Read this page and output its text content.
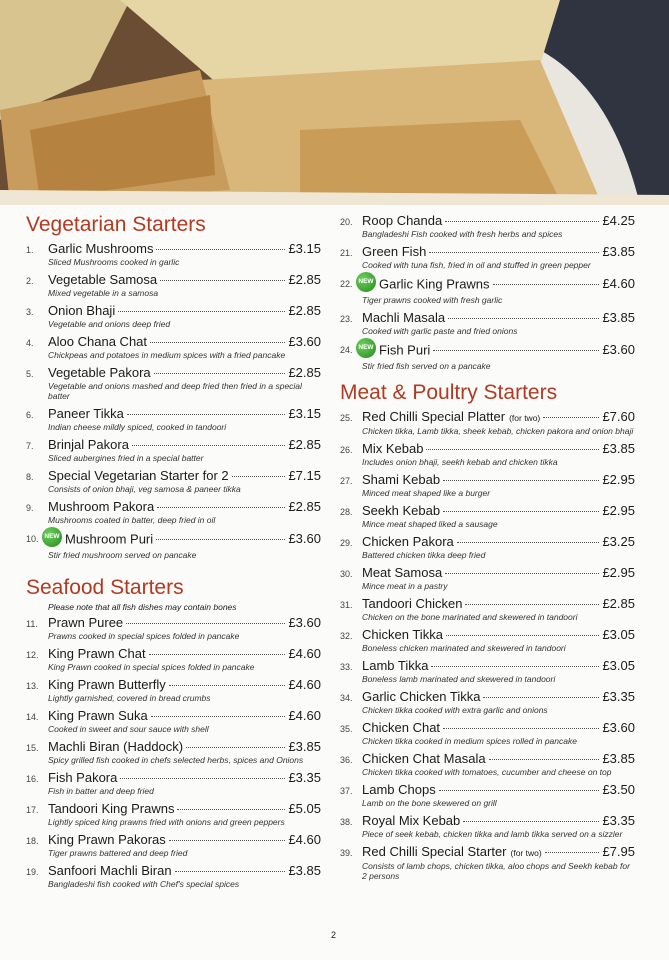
Vegetarian Starters
1. Garlic Mushrooms	£3.15
Sliced Mushrooms cooked in garlic
2. Vegetable Samosa	£2.85
Mixed vegetable in a samosa
3. Onion Bhaji	£2.85
Vegetable and onions deep fried
4. Aloo Chana Chat	£3.60
Chickpeas and potatoes in medium spices with a fried pancake
5. Vegetable Pakora	£2.85
Vegetable and onions mashed and deep fried then fried in a special batter
6. Paneer Tikka	£3.15
Indian cheese mildly spiced, cooked in tandoori
7. Brinjal Pakora	£2.85
Sliced aubergines fried in a special batter
8. Special Vegetarian Starter for 2	£7.15
Consists of onion bhaji, veg samosa & paneer tikka
9. Mushroom Pakora	£2.85
Mushrooms coated in batter, deep fried in oil
10. NEW Mushroom Puri	£3.60
Stir fried mushroom served on pancake
Seafood Starters
Please note that all fish dishes may contain bones
11. Prawn Puree	£3.60
Prawns cooked in special spices folded in pancake
12. King Prawn Chat	£4.60
King Prawn cooked in special spices folded in pancake
13. King Prawn Butterfly	£4.60
Lightly garnished, covered in bread crumbs
14. King Prawn Suka	£4.60
Cooked in sweet and sour sauce with shell
15. Machli Biran (Haddock)	£3.85
Spicy grilled fish cooked in chefs selected herbs, spices and Onions
16. Fish Pakora	£3.35
Fish in batter and deep fried
17. Tandoori King Prawns	£5.05
Lightly spiced king prawns fried with onions and green peppers
18. King Prawn Pakoras	£4.60
Tiger prawns battered and deep fried
19. Sanfoori Machli Biran	£3.85
Bangladeshi fish cooked with Chef's special spices
20. Roop Chanda	£4.25
Bangladeshi Fish cooked with fresh herbs and spices
21. Green Fish	£3.85
Cooked with tuna fish, fried in oil and stuffed in green pepper
22. NEW Garlic King Prawns	£4.60
Tiger prawns cooked with fresh garlic
23. Machli Masala	£3.85
Cooked with garlic paste and fried onions
24. NEW Fish Puri	£3.60
Stir fried fish served on a pancake
Meat & Poultry Starters
25. Red Chilli Special Platter (for two)	£7.60
Chicken tikka, Lamb tikka, sheek kebab, chicken pakora and onion bhaji
26. Mix Kebab	£3.85
Includes onion bhaji, seekh kebab and chicken tikka
27. Shami Kebab	£2.95
Minced meat shaped like a burger
28. Seekh Kebab	£2.95
Mince meat shaped liked a sausage
29. Chicken Pakora	£3.25
Battered chicken tikka deep fried
30. Meat Samosa	£2.95
Mince meat in a pastry
31. Tandoori Chicken	£2.85
Chicken on the bone marinated and skewered in tandoori
32. Chicken Tikka	£3.05
Boneless chicken marinated and skewered in tandoori
33. Lamb Tikka	£3.05
Boneless lamb marinated and skewered in tandoori
34. Garlic Chicken Tikka	£3.35
Chicken tikka cooked with extra garlic and onions
35. Chicken Chat	£3.60
Chicken tikka cooked in medium spices rolled in pancake
36. Chicken Chat Masala	£3.85
Chicken tikka cooked with tomatoes, cucumber and cheese on top
37. Lamb Chops	£3.50
Lamb on the bone skewered on grill
38. Royal Mix Kebab	£3.35
Piece of seek kebab, chicken tikka and lamb tikka served on a sizzler
39. Red Chilli Special Starter (for two)	£7.95
Consists of lamb chops, chicken tikka, aloo chops and Seekh kebab for 2 persons
2
